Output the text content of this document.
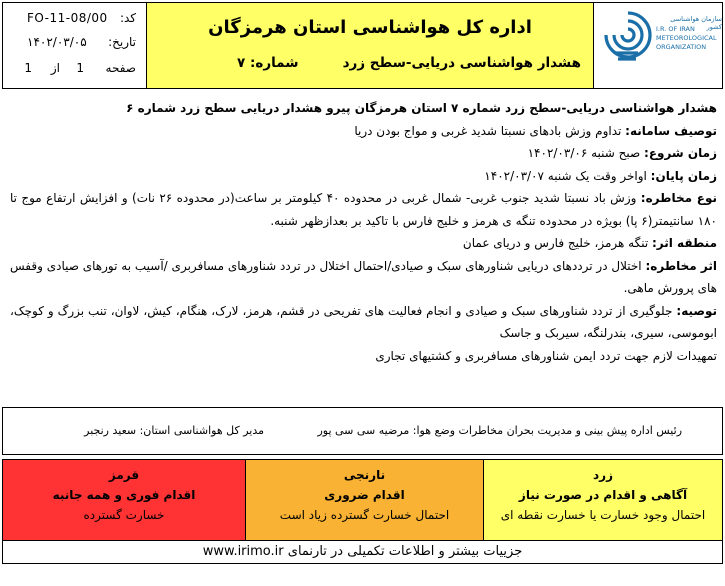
کد:
FO-11-08/00
تاریخ:
۱۴۰۲/۰۳/۰۵
صفحه
1
از
1
اداره کل هواشناسی استان هرمزگان
هشدار هواشناسی دریایی-سطح زرد
شماره: ۷
سازمان هواشناسی کشور
I.R. OF IRAN
METEOROLOGICAL
ORGANIZATION

هشدار هواشناسی دریایی-سطح زرد شماره ۷ استان هرمزگان پیرو هشدار دریایی سطح زرد شماره ۶

توصیف سامانه: تداوم وزش بادهای نسبتا شدید غربی و مواج بودن دریا

زمان شروع: صبح شنبه ۱۴۰۲/۰۳/۰۶

زمان پایان: اواخر وقت یک شنبه ۱۴۰۲/۰۳/۰۷

نوع مخاطره: وزش باد نسبتا شدید جنوب غربی- شمال غربی در محدوده ۴۰ کیلومتر بر ساعت(در محدوده ۲۶ نات) و افزایش ارتفاع موج تا ۱۸۰ سانتیمتر(۶ پا) بویژه در محدوده تنگه ی هرمز و خلیج فارس با تاکید بر بعدازظهر شنبه.

منطقه اثر: تنگه هرمز، خلیج فارس و دریای عمان

اثر مخاطره: اختلال در ترددهای دریایی شناورهای سبک و صیادی/احتمال اختلال در تردد شناورهای مسافربری /آسیب به تورهای صیادی وقفس های پرورش ماهی.

توصیه: جلوگیری از تردد شناورهای سبک و صیادی و انجام فعالیت های تفریحی در قشم، هرمز، لارک، هنگام، کیش، لاوان، تنب بزرگ و کوچک، ابوموسی، سیری، بندرلنگه، سیربک و جاسک

تمهیدات لازم جهت تردد ایمن شناورهای مسافربری و کشتیهای تجاری

رئیس اداره پیش بینی و مدیریت بحران مخاطرات وضع هوا: مرضیه سی سی پور
مدیر کل هواشناسی استان: سعید رنجبر
زرد
آگاهی و اقدام در صورت نیاز
احتمال وجود خسارت یا خسارت نقطه ای
نارنجی
اقدام ضروری
احتمال خسارت گسترده زیاد است
قرمز
اقدام فوری و همه جانبه
خسارت گسترده
جزییات بیشتر و اطلاعات تکمیلی در تارنمای www.irimo.ir
